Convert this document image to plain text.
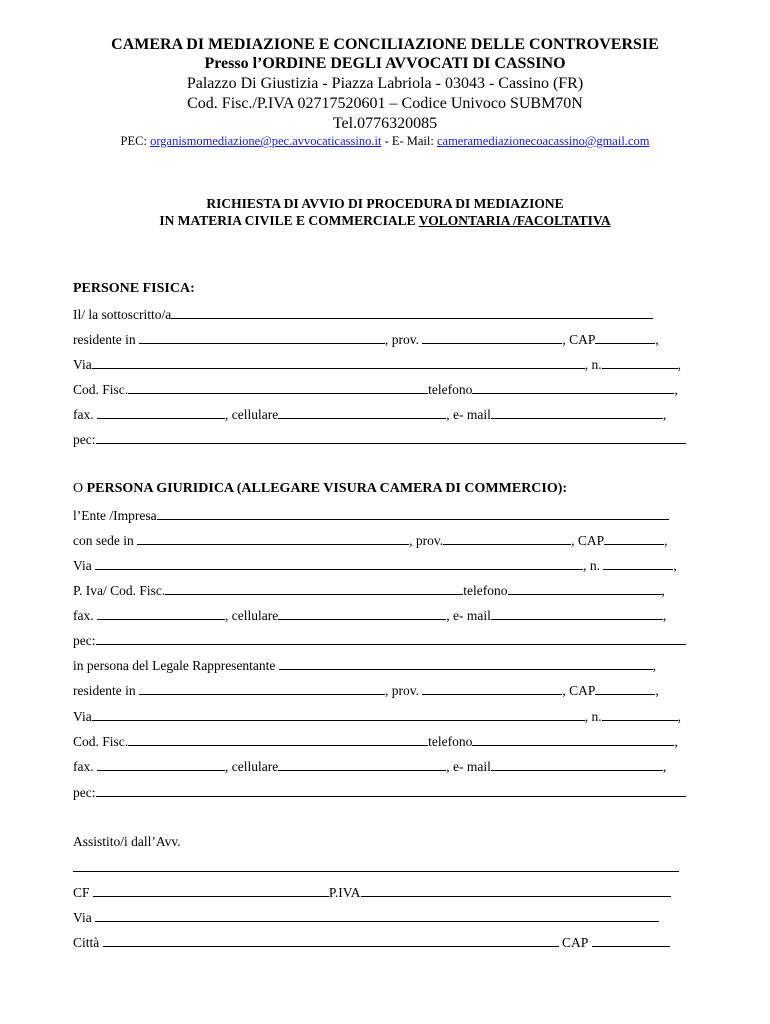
CAMERA DI MEDIAZIONE E CONCILIAZIONE DELLE CONTROVERSIE
Presso l’ORDINE DEGLI AVVOCATI DI CASSINO
Palazzo Di Giustizia - Piazza Labriola - 03043 - Cassino (FR)
Cod. Fisc./P.IVA 02717520601 – Codice Univoco SUBM70N
Tel.0776320085
PEC: organismomediazione@pec.avvocaticassino.it - E- Mail: cameramediazionecoacassino@gmail.com
RICHIESTA DI AVVIO DI PROCEDURA DI MEDIAZIONE
IN MATERIA CIVILE E COMMERCIALE VOLONTARIA /FACOLTATIVA
PERSONE FISICA:
Il/ la sottoscritto/a
residente in	, prov.	, CAP	,
Via	, n.	,
Cod. Fisc.	telefono	,
fax.	, cellulare	, e- mail	,
pec:
O PERSONA GIURIDICA (ALLEGARE VISURA CAMERA DI COMMERCIO):
l’Ente /Impresa
con sede in	, prov.	, CAP	,
Via	, n.	,
P. Iva/ Cod. Fisc.	telefono	,
fax.	, cellulare	, e- mail	,
pec:
in persona del Legale Rappresentante	,
residente in	, prov.	, CAP	,
Via	, n.	,
Cod. Fisc.	telefono	,
fax.	, cellulare	, e- mail	,
pec:
Assistito/i dall’Avv.
CF	P.IVA
Via
Città	CAP
